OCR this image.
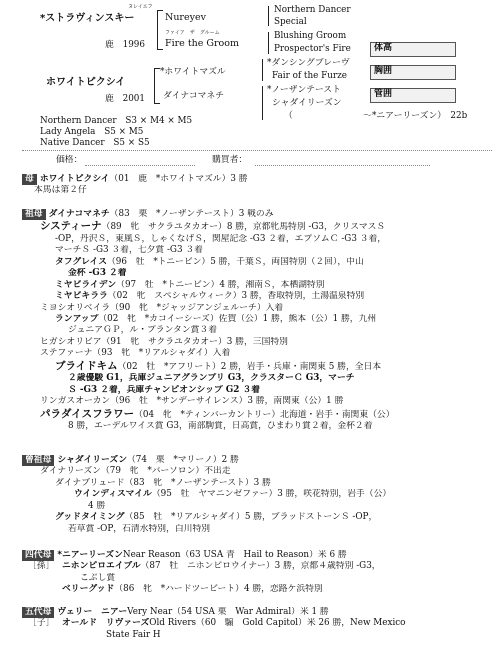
ヌレイエフ
*ストラヴィンスキー	Nureyev
鹿　1996
ファイア　ザ　グルーム
Fire the Groom
Northern Dancer
Special
Blushing Groom
Prospector's Fire
ホワイトピクシイ
鹿　2001
*ホワイトマズル
ダイナコマネチ
*ダンシングブレーヴ
Fair of the Furze
*ノーザンテースト
シャダイリーズン
（　　　　　　　　～*ニアーリーズン）　22b
体高
胸囲
管囲
Northern Dancer　S3 × M4 × M5
Lady Angela　S5 × M5
Native Dancer　S5 × S5
価格：	購買者：
母 ホワイトピクシイ（01　鹿　*ホワイトマズル）3 勝
本馬は第２仔
祖母 ダイナコマネチ（83　栗　*ノーザンテースト）3 戦のみ
システィーナ（89　牝　サクラユタカオー）8 勝，京都牝馬特別 -G3，クリスマスＳ
-OP，丹沢Ｓ，東風Ｓ，しゃくなげＳ，関屋記念 -G3 ２着，エプソムＣ -G3 ３着，
マーチＳ -G3 ３着，七夕賞 -G3 ３着
タフグレイス（96　牡　*トニービン）5 勝，千葉Ｓ，両国特別（２回），中山
金杯 -G3 ２着
ミヤビライデン（97　牡　*トニービン）4 勝，湘南Ｓ，本栖湖特別
ミヤビキララ（02　牝　スペシャルウィーク）3 勝，香取特別，土湯温泉特別
ミヨシオリベイラ（90　牝　*ジャッジアンジェルーチ）入着
ランアップ（02　牝　*カコイーシーズ）佐賀（公）1 勝，熊本（公）1 勝，九州
ジュニアＧＰ，ル・プランタン賞３着
ヒガシオリビア（91　牝　サクラユタカオー）3 勝，三国特別
ステファーナ（93　牝　*リアルシャダイ）入着
ブライドキム（02　牡　*アフリート）2 勝，岩手・兵庫・南関東 5 勝，全日本
２歳優駿 G1，兵庫ジュニアグランプリ G3，クラスターＣ G3，マーチ
Ｓ -G3 ２着，兵庫チャンピオンシップ G2 ３着
リンガスオーカン（96　牡　*サンデーサイレンス）3 勝，南関東（公）1 勝
パラダイスフラワー（04　牝　*ティンバーカントリー）北海道・岩手・南関東（公）
8 勝，エーデルワイス賞 G3，南部駒賞，日高賞，ひまわり賞２着，金杯２着
曾祖母 シャダイリーズン（74　栗　*マリーノ）2 勝
ダイナリーズン（79　牝　*バーソロン）不出走
ダイナブリュード（83　牝　*ノーザンテースト）3 勝
ウインディスマイル（95　牡　ヤマニンゼファー）3 勝，咲花特別，岩手（公）
4 勝
グッドタイミング（85　牡　*リアルシャダイ）5 勝，ブラッドストーンＳ -OP，
若草賞 -OP，石清水特別，白川特別
四代母 *ニアーリーズンNear Reason（63 USA 青　Hail to Reason）米 6 勝
［孫］ ニホンピロエイブル（87　牡　ニホンピロウイナー）3 勝，京都４歳特別 -G3，
こぶし賞
ベリーグッド（86　牝　*ハードツービート）4 勝，恋路ケ浜特別
五代母 ヴェリー　ニアーVery Near（54 USA 栗　War Admiral）米 1 勝
［子］ オールド　リヴァーズOld Rivers（60　騸　Gold Capitol）米 26 勝，New Mexico
State Fair H
